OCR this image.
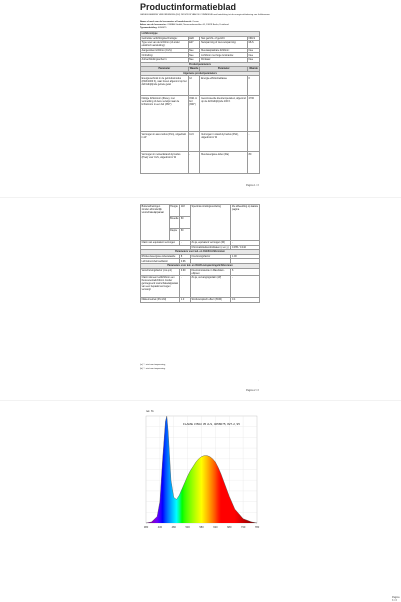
Productinformatieblad
GEDELEGEERDE VERORDENING (EU) 2019/2015 VAN DE COMMISSIE met betrekking tot de energie-etikettering van lichtbronnen
Naam of merk van de leverancier of handelsmerk: Osram
Adres van de leverancier: OSRAM GmbH, Nonnendammallee 44, 13629 Berlin, Duitsland
Typeaanduiding: 4058075
Lichtbrontype			
Gebruikte verlichtingstechnologie:	LED	Niet gericht- of gericht:	NDLS
Type voet van de lichtbron (of ander elektrisch aansluiting):	E27	Netspanning of niet-netspanning:	MLS
Aangesloten lichtbron (CLS):	Nee	Kleuraanpasbare lichtbron:	Nee
Omhulling:	Nee	Lichtbron met hoge luminantie:	Nee
Antiverblindingsscherm:	Nee	Dimbaar:	Nee
Productparameters			
Parameter	Waarde	Parameter	Waarde
Algemene productparameters			
Energieverbruik in de gebruiksmodus (kWh/1000 h), naar boven afgerond op het dichtstbijzijnde gehele getal	12	Energie-efficiëntieklasse	F
Nuttige lichtstroom (Φuse), met vermelding of deze verwijst naar de lichtstroom in een bol (360°)	1521 in bol (360°)	Gecorreleerde kleurtemperatuur, afgerond op de dichtstbijzijnde 100 K	2700
Vermogen in aan-modus (Pon), uitgedrukt in W	11.6	Vermogen in stand-bymodus (Psb), uitgedrukt in W	-
Vermogen in netwerkstand-bymodus (Pnet) voor CLS, uitgedrukt in W	-	Kleurweergave-index (Ra)	80
Pagina 1 / 3
Buitenafmetingen zonder afzonderlijk voorschakelapparaat	Hoogte	118	Spectrale stralingsverdeling	Zie afbeelding op laatste pagina
	Breedte	60		
	Diepte	60		
Claim van equivalent vermogen		-	Zo ja, equivalent vermogen (W)	-
			Chromaticiteitscoördinaten (x en y)	0.455 / 0.410
Parameters voor led- en OLED-lichtbronnen				
R9-kleurweergave-indexwaarde		8	Overlevingsfactor	1.00
Lichtstroombehoudfactor		0.96		
Parameters voor led- en OLED-netspanningslichtbronnen				
Verschuivingsfactor (cos φ1)		0.90	Kleurconsistentie in MacAdam-ellipsen	6
Claimt dat een ledlichtbron een fluorescentielichtbron zonder geïntegreerd voorschakelapparaat van een bepaald vermogen vervangt		-	Zo ja, vervangingsclaim (W)	-
Flikkermetriek (Pst LM)		1.0	Stroboscopisch effect (SVM)	0.4
(a) '-': niet van toepassing;
(b) '-': niet van toepassing.
Pagina 2 / 3
380	430	480	530	580	630	680	730	780
rel. %
FLAME 3 Blitz 35 cLS, 4058075, 827-2, 95
Pagina 3 / 3
·
